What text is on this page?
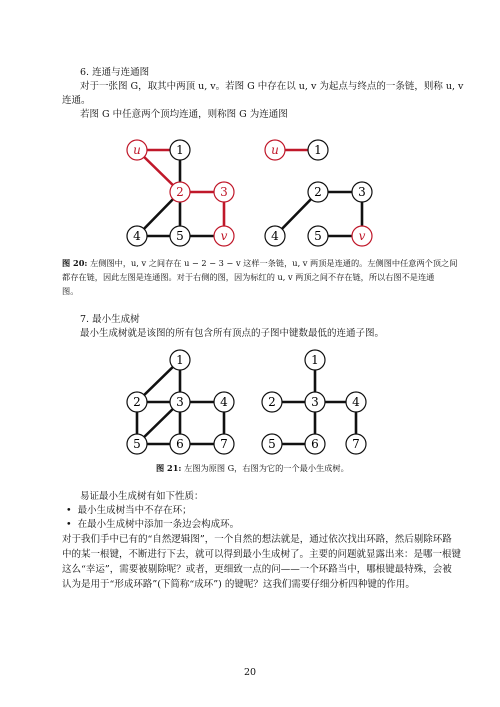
6. 连通与连通图
对于一张图 G，取其中两顶 u, v。若图 G 中存在以 u, v 为起点与终点的一条链，则称 u, v
连通。
若图 G 中任意两个顶均连通，则称图 G 为连通图
u	1
2	3
4	5	v
u	1
2	3
4	5	v
图 20: 左侧图中，u, v 之间存在 u − 2 − 3 − v 这样一条链，u, v 两顶是连通的。左侧图中任意两个顶之间
都存在链，因此左图是连通图。对于右侧的图，因为标红的 u, v 两顶之间不存在链，所以右图不是连通
图。
7. 最小生成树
最小生成树就是该图的所有包含所有顶点的子图中键数最低的连通子图。
1
2	3	4
5	6	7
1
2	3	4
5	6	7
图 21: 左图为原图 G，右图为它的一个最小生成树。
易证最小生成树有如下性质：
•  最小生成树当中不存在环；
•  在最小生成树中添加一条边会构成环。
对于我们手中已有的“自然逻辑图”，一个自然的想法就是，通过依次找出环路，然后剔除环路
中的某一根键，不断进行下去，就可以得到最小生成树了。主要的问题就显露出来：是哪一根键
这么“幸运”，需要被剔除呢？或者，更细致一点的问——一个环路当中，哪根键最特殊，会被
认为是用于“形成环路”(下简称“成环”) 的键呢？这我们需要仔细分析四种键的作用。
20
